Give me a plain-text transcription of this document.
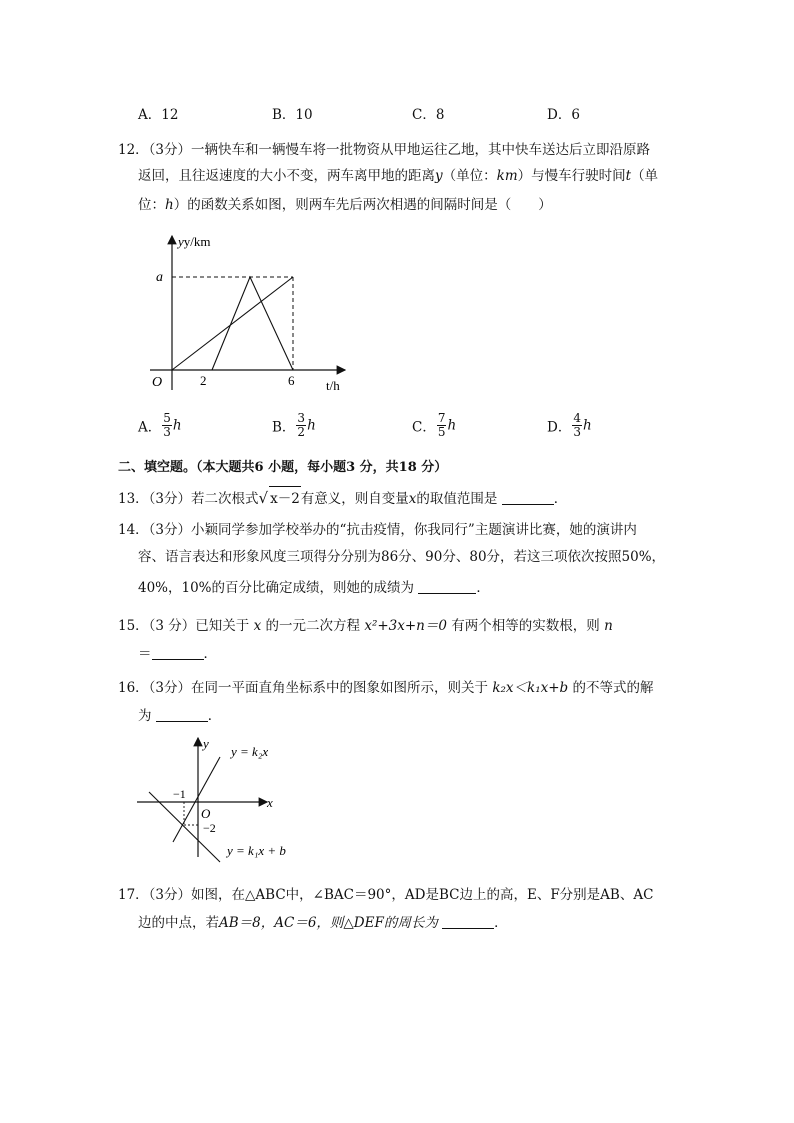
A．12	B．10	C．8	D．6
12．（3分）一辆快车和一辆慢车将一批物资从甲地运往乙地，其中快车送达后立即沿原路
返回，且往返速度的大小不变，两车离甲地的距离y（单位：km）与慢车行驶时间t（单
位：h）的函数关系如图，则两车先后两次相遇的间隔时间是（　　）
yy/km
a
O	2	6 t/h
A． $\frac{5}{3}$ h	B． $\frac{3}{2}$ h	C． $\frac{7}{5}$ h	D． $\frac{4}{3}$ h
二、填空题。（本大题共6 小题，每小题3 分，共18 分）
13．（3分）若二次根式√ x－2有意义，则自变量x的取值范围是	．
14．（3分）小颖同学参加学校举办的“抗击疫情，你我同行”主题演讲比赛，她的演讲内
容、语言表达和形象风度三项得分分别为86分、90分、80分，若这三项依次按照50%，
40%，10%的百分比确定成绩，则她的成绩为	．
15．（3 分）已知关于 x 的一元二次方程 x²+3x+n＝0 有两个相等的实数根，则 n
＝	．
16．（3分）在同一平面直角坐标系中的图象如图所示，则关于 k₂x＜k₁x+b 的不等式的解
为	．
y
x
O
−1
−2
y = k₂x
y = k₁x + b
17．（3分）如图，在△ABC中，∠BAC＝90°，AD是BC边上的高，E、F分别是AB、AC
边的中点，若AB＝8，AC＝6，则△DEF的周长为	．
